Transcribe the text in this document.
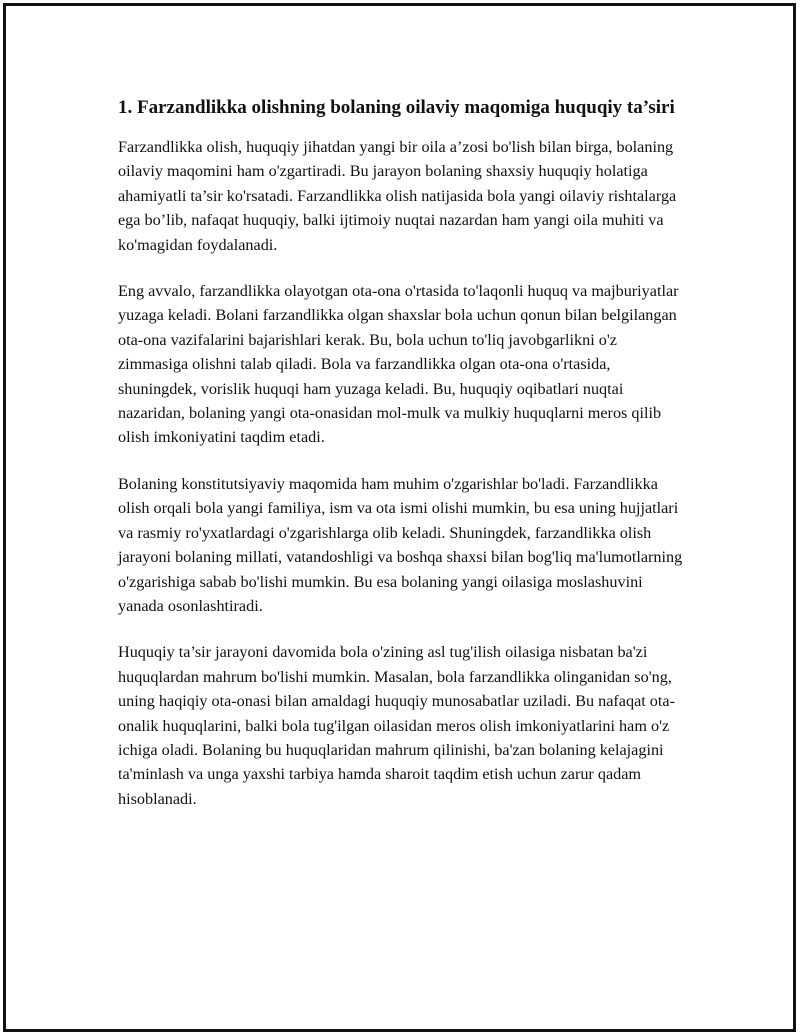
1. Farzandlikka olishning bolaning oilaviy maqomiga huquqiy ta’siri

Farzandlikka olish, huquqiy jihatdan yangi bir oila a’zosi bo'lish bilan birga, bolaning oilaviy maqomini ham o'zgartiradi. Bu jarayon bolaning shaxsiy huquqiy holatiga ahamiyatli ta’sir ko'rsatadi. Farzandlikka olish natijasida bola yangi oilaviy rishtalarga ega bo’lib, nafaqat huquqiy, balki ijtimoiy nuqtai nazardan ham yangi oila muhiti va ko'magidan foydalanadi.

Eng avvalo, farzandlikka olayotgan ota-ona o'rtasida to'laqonli huquq va majburiyatlar yuzaga keladi. Bolani farzandlikka olgan shaxslar bola uchun qonun bilan belgilangan ota-ona vazifalarini bajarishlari kerak. Bu, bola uchun to'liq javobgarlikni o'z zimmasiga olishni talab qiladi. Bola va farzandlikka olgan ota-ona o'rtasida, shuningdek, vorislik huquqi ham yuzaga keladi. Bu, huquqiy oqibatlari nuqtai nazaridan, bolaning yangi ota-onasidan mol-mulk va mulkiy huquqlarni meros qilib olish imkoniyatini taqdim etadi.

Bolaning konstitutsiyaviy maqomida ham muhim o'zgarishlar bo'ladi. Farzandlikka olish orqali bola yangi familiya, ism va ota ismi olishi mumkin, bu esa uning hujjatlari va rasmiy ro'yxatlardagi o'zgarishlarga olib keladi. Shuningdek, farzandlikka olish jarayoni bolaning millati, vatandoshligi va boshqa shaxsi bilan bog'liq ma'lumotlarning o'zgarishiga sabab bo'lishi mumkin. Bu esa bolaning yangi oilasiga moslashuvini yanada osonlashtiradi.

Huquqiy ta’sir jarayoni davomida bola o'zining asl tug'ilish oilasiga nisbatan ba'zi huquqlardan mahrum bo'lishi mumkin. Masalan, bola farzandlikka olinganidan so'ng, uning haqiqiy ota-onasi bilan amaldagi huquqiy munosabatlar uziladi. Bu nafaqat ota-onalik huquqlarini, balki bola tug'ilgan oilasidan meros olish imkoniyatlarini ham o'z ichiga oladi. Bolaning bu huquqlaridan mahrum qilinishi, ba'zan bolaning kelajagini ta'minlash va unga yaxshi tarbiya hamda sharoit taqdim etish uchun zarur qadam hisoblanadi.
